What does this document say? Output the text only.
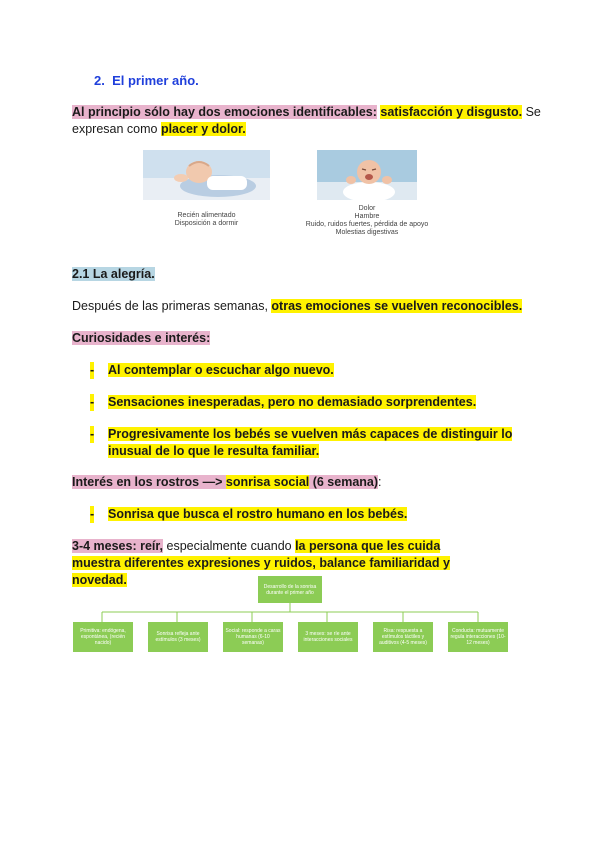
2. El primer año.
Al principio sólo hay dos emociones identificables: satisfacción y disgusto. Se expresan como placer y dolor.
Recién alimentado
Disposición a dormir
Dolor
Hambre
Ruido, ruidos fuertes, pérdida de apoyo
Molestias digestivas
2.1 La alegría.
Después de las primeras semanas, otras emociones se vuelven reconocibles.
Curiosidades e interés:
-	Al contemplar o escuchar algo nuevo.
-	Sensaciones inesperadas, pero no demasiado sorprendentes.
-	Progresivamente los bebés se vuelven más capaces de distinguir lo inusual de lo que le resulta familiar.
Interés en los rostros —> sonrisa social (6 semana):
-	Sonrisa que busca el rostro humano en los bebés.
3-4 meses: reír, especialmente cuando la persona que les cuida muestra diferentes expresiones y ruidos, balance familiaridad y novedad.	Desarrollo de la sonrisa durante el primer año
Primitiva: endógena, espontánea, (recién nacido)
Sonrisa refleja ante estímulos (3 meses)
Social: responde a caras humanas (6-10 semanas)
3 meses: se ríe ante interacciones sociales
Risa: respuesta a estímulos táctiles y auditivos (4-5 meses)
Conducta: mutuamente regula interacciones (10-12 meses)
